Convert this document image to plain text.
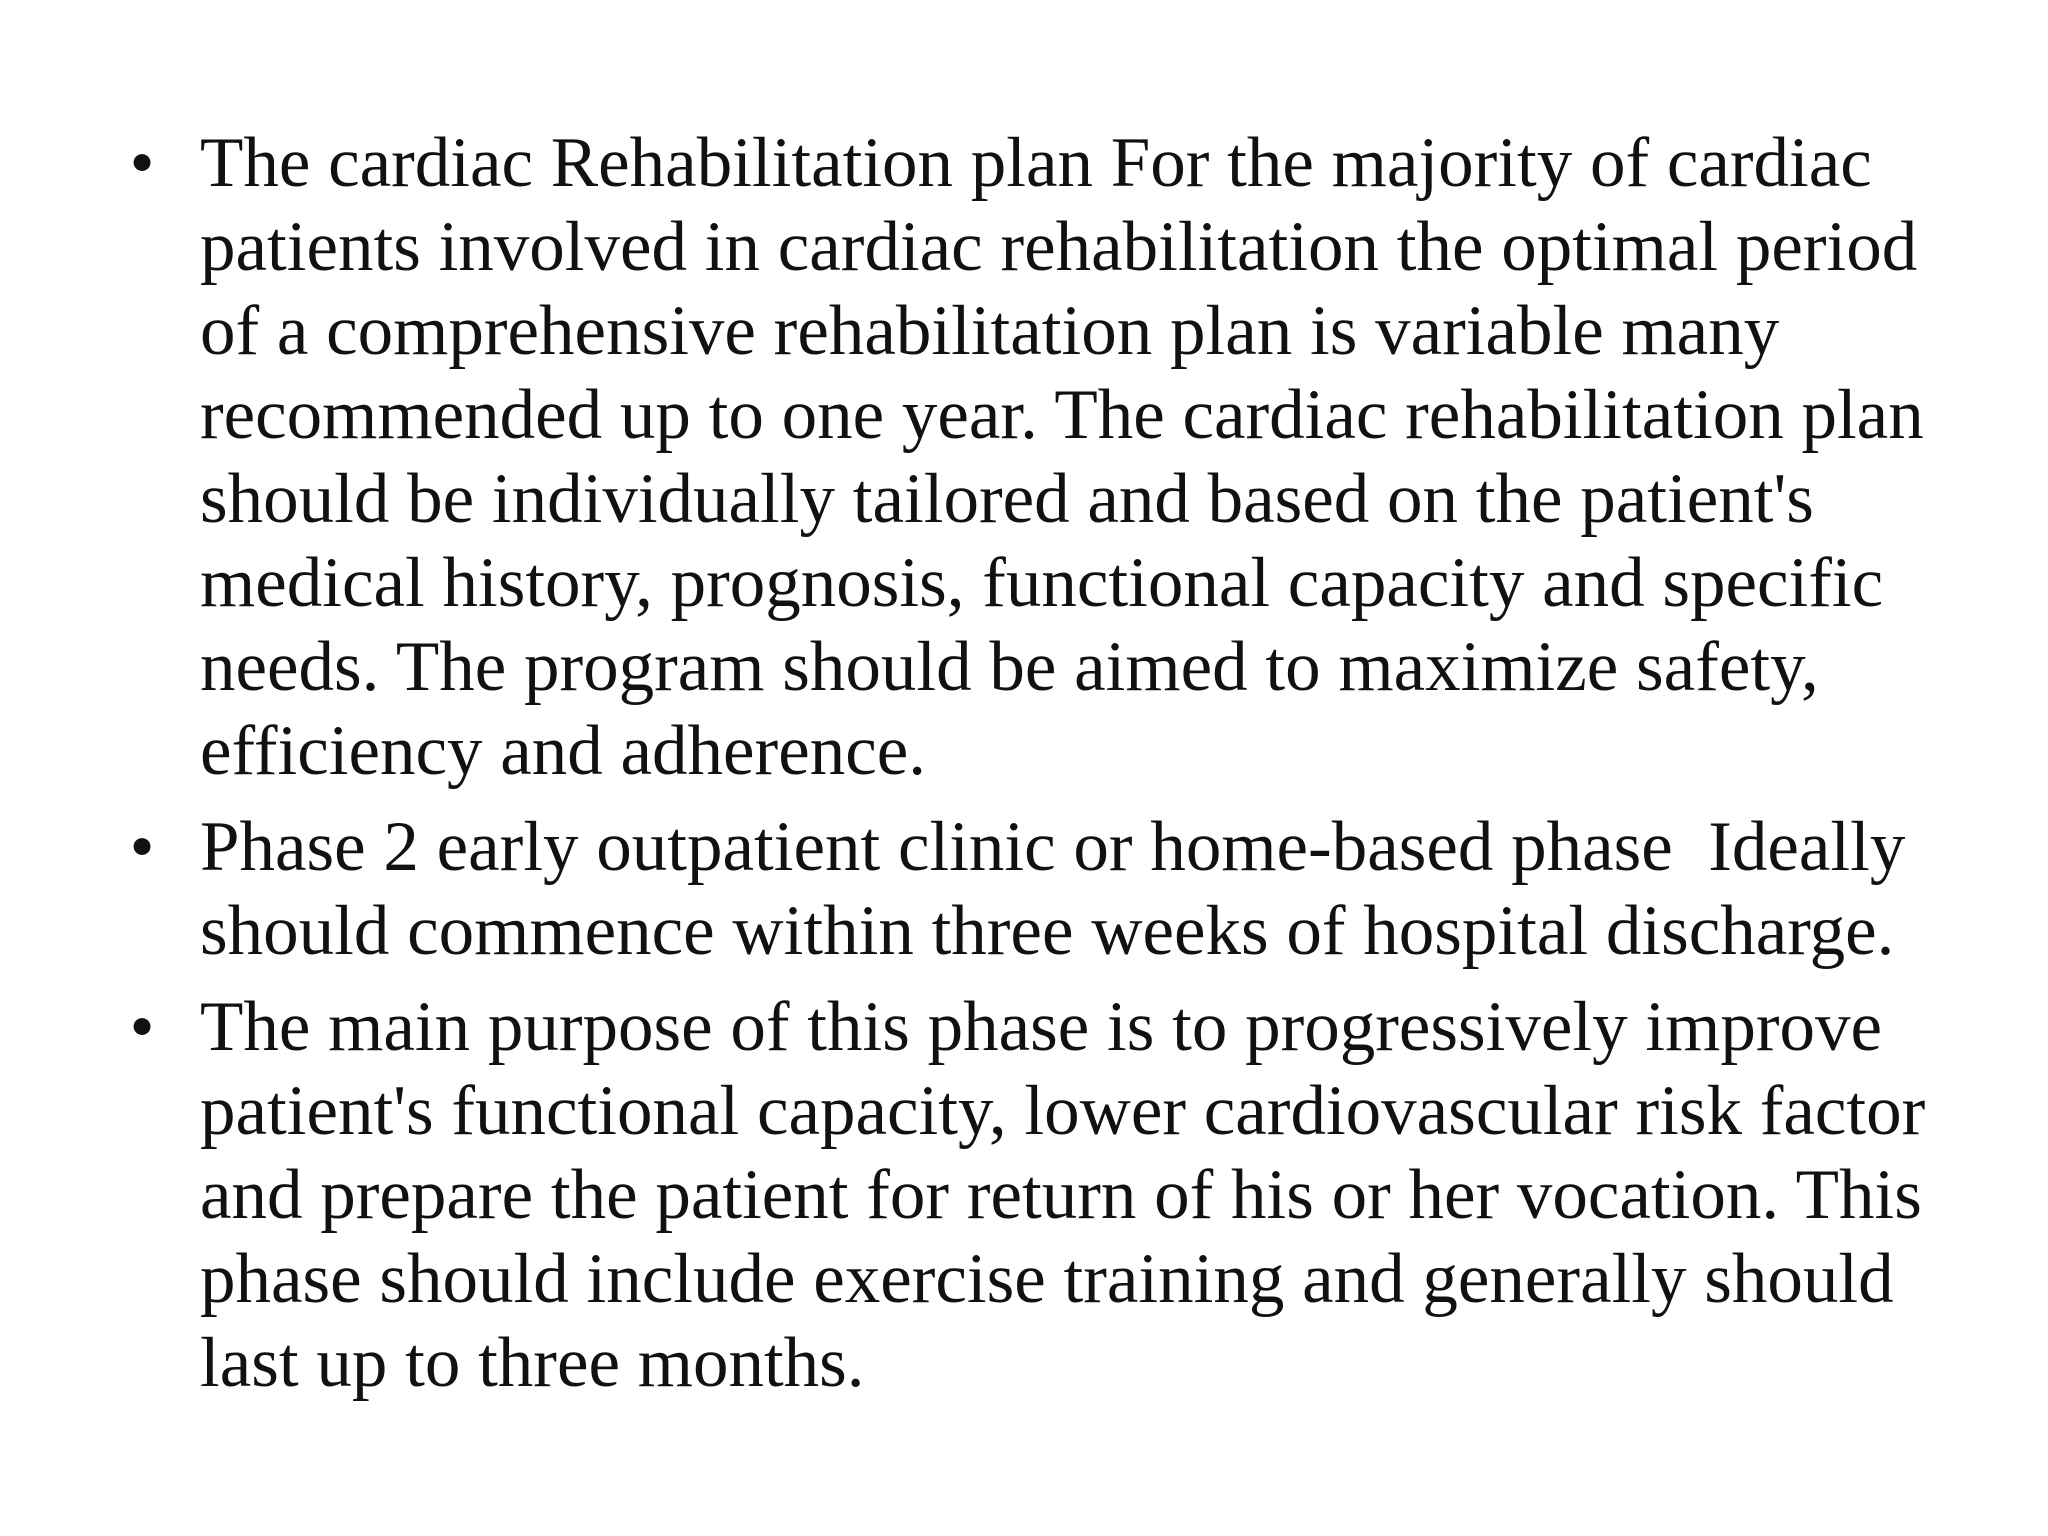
• The cardiac Rehabilitation plan For the majority of cardiac patients involved in cardiac rehabilitation the optimal period of a comprehensive rehabilitation plan is variable many recommended up to one year. The cardiac rehabilitation plan should be individually tailored and based on the patient's medical history, prognosis, functional capacity and specific needs. The program should be aimed to maximize safety, efficiency and adherence.
• Phase 2 early outpatient clinic or home-based phase  Ideally should commence within three weeks of hospital discharge.
• The main purpose of this phase is to progressively improve patient's functional capacity, lower cardiovascular risk factor and prepare the patient for return of his or her vocation. This phase should include exercise training and generally should last up to three months.
